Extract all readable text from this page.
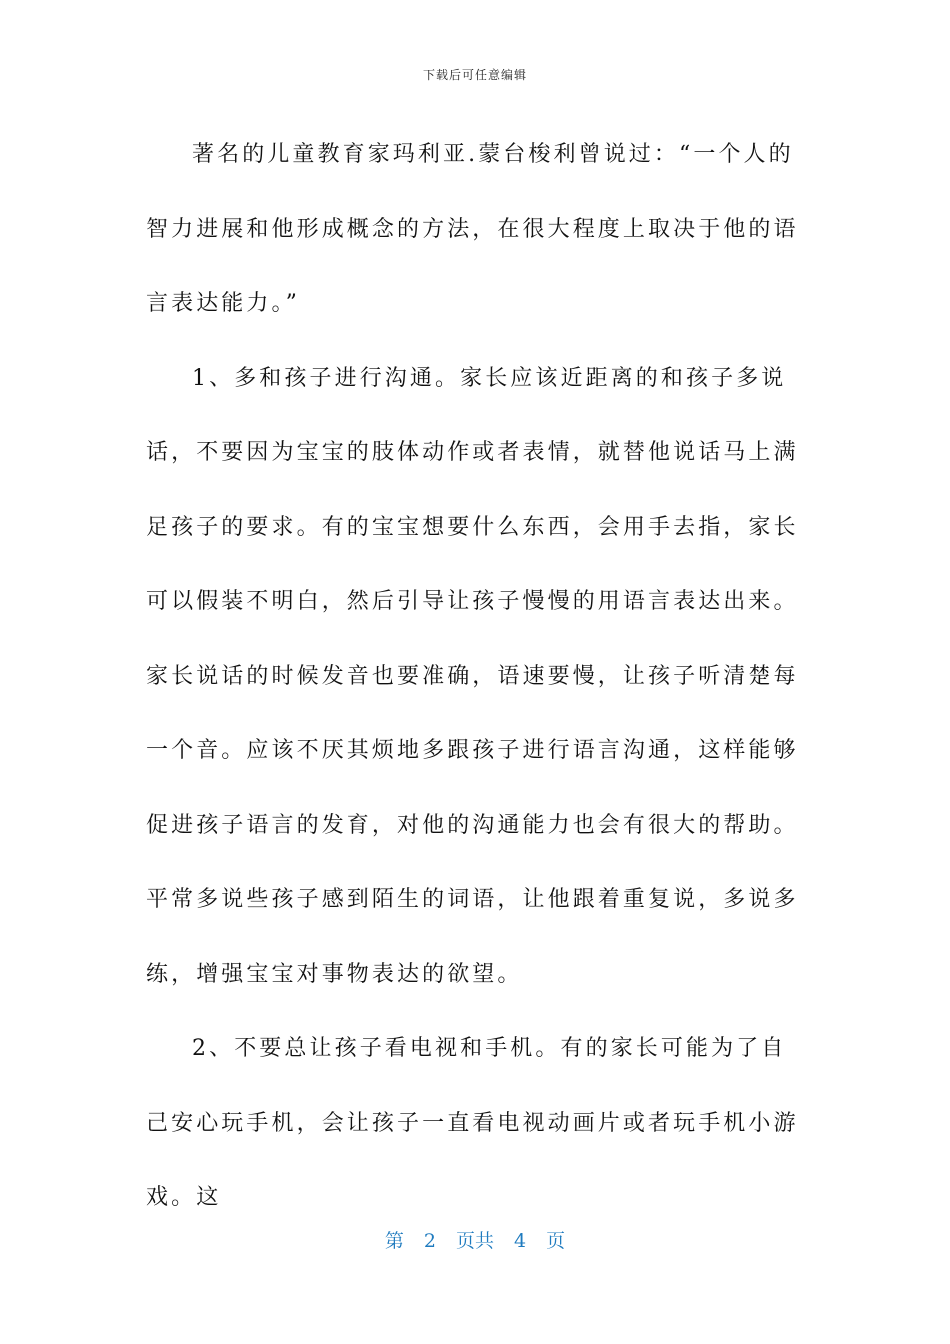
下载后可任意编辑

著名的儿童教育家玛利亚.蒙台梭利曾说过：“一个人的智力进展和他形成概念的方法，在很大程度上取决于他的语言表达能力。”

1、多和孩子进行沟通。家长应该近距离的和孩子多说话，不要因为宝宝的肢体动作或者表情，就替他说话马上满足孩子的要求。有的宝宝想要什么东西，会用手去指，家长可以假装不明白，然后引导让孩子慢慢的用语言表达出来。家长说话的时候发音也要准确，语速要慢，让孩子听清楚每一个音。应该不厌其烦地多跟孩子进行语言沟通，这样能够促进孩子语言的发育，对他的沟通能力也会有很大的帮助。平常多说些孩子感到陌生的词语，让他跟着重复说，多说多练，增强宝宝对事物表达的欲望。

2、不要总让孩子看电视和手机。有的家长可能为了自己安心玩手机，会让孩子一直看电视动画片或者玩手机小游戏。这

第 2 页共 4 页
